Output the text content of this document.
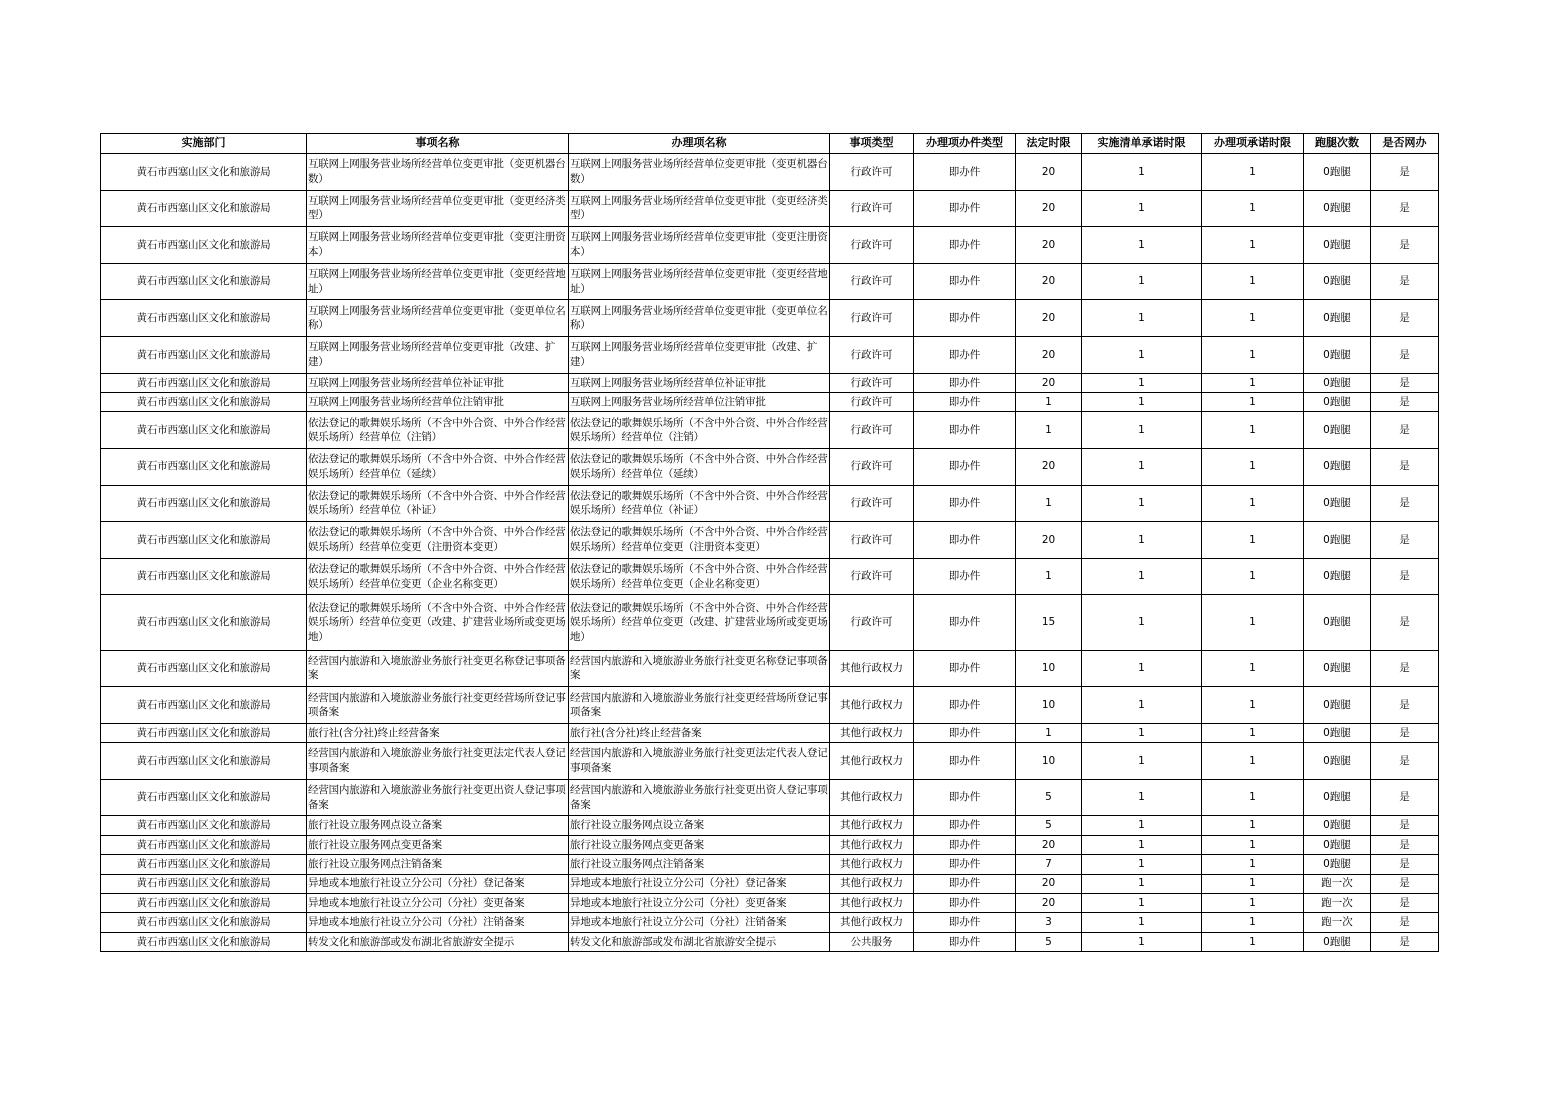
实施部门	事项名称	办理项名称	事项类型	办理项办件类型	法定时限	实施清单承诺时限	办理项承诺时限	跑腿次数	是否网办
黄石市西塞山区文化和旅游局	互联网上网服务营业场所经营单位变更审批（变更机器台数）	互联网上网服务营业场所经营单位变更审批（变更机器台数）	行政许可	即办件	20	1	1	0跑腿	是
黄石市西塞山区文化和旅游局	互联网上网服务营业场所经营单位变更审批（变更经济类型）	互联网上网服务营业场所经营单位变更审批（变更经济类型）	行政许可	即办件	20	1	1	0跑腿	是
黄石市西塞山区文化和旅游局	互联网上网服务营业场所经营单位变更审批（变更注册资本）	互联网上网服务营业场所经营单位变更审批（变更注册资本）	行政许可	即办件	20	1	1	0跑腿	是
黄石市西塞山区文化和旅游局	互联网上网服务营业场所经营单位变更审批（变更经营地址）	互联网上网服务营业场所经营单位变更审批（变更经营地址）	行政许可	即办件	20	1	1	0跑腿	是
黄石市西塞山区文化和旅游局	互联网上网服务营业场所经营单位变更审批（变更单位名称）	互联网上网服务营业场所经营单位变更审批（变更单位名称）	行政许可	即办件	20	1	1	0跑腿	是
黄石市西塞山区文化和旅游局	互联网上网服务营业场所经营单位变更审批（改建、扩建）	互联网上网服务营业场所经营单位变更审批（改建、扩建）	行政许可	即办件	20	1	1	0跑腿	是
黄石市西塞山区文化和旅游局	互联网上网服务营业场所经营单位补证审批	互联网上网服务营业场所经营单位补证审批	行政许可	即办件	20	1	1	0跑腿	是
黄石市西塞山区文化和旅游局	互联网上网服务营业场所经营单位注销审批	互联网上网服务营业场所经营单位注销审批	行政许可	即办件	1	1	1	0跑腿	是
黄石市西塞山区文化和旅游局	依法登记的歌舞娱乐场所（不含中外合资、中外合作经营娱乐场所）经营单位（注销）	依法登记的歌舞娱乐场所（不含中外合资、中外合作经营娱乐场所）经营单位（注销）	行政许可	即办件	1	1	1	0跑腿	是
黄石市西塞山区文化和旅游局	依法登记的歌舞娱乐场所（不含中外合资、中外合作经营娱乐场所）经营单位（延续）	依法登记的歌舞娱乐场所（不含中外合资、中外合作经营娱乐场所）经营单位（延续）	行政许可	即办件	20	1	1	0跑腿	是
黄石市西塞山区文化和旅游局	依法登记的歌舞娱乐场所（不含中外合资、中外合作经营娱乐场所）经营单位（补证）	依法登记的歌舞娱乐场所（不含中外合资、中外合作经营娱乐场所）经营单位（补证）	行政许可	即办件	1	1	1	0跑腿	是
黄石市西塞山区文化和旅游局	依法登记的歌舞娱乐场所（不含中外合资、中外合作经营娱乐场所）经营单位变更（注册资本变更）	依法登记的歌舞娱乐场所（不含中外合资、中外合作经营娱乐场所）经营单位变更（注册资本变更）	行政许可	即办件	20	1	1	0跑腿	是
黄石市西塞山区文化和旅游局	依法登记的歌舞娱乐场所（不含中外合资、中外合作经营娱乐场所）经营单位变更（企业名称变更）	依法登记的歌舞娱乐场所（不含中外合资、中外合作经营娱乐场所）经营单位变更（企业名称变更）	行政许可	即办件	1	1	1	0跑腿	是
黄石市西塞山区文化和旅游局	依法登记的歌舞娱乐场所（不含中外合资、中外合作经营娱乐场所）经营单位变更（改建、扩建营业场所或变更场地）	依法登记的歌舞娱乐场所（不含中外合资、中外合作经营娱乐场所）经营单位变更（改建、扩建营业场所或变更场地）	行政许可	即办件	15	1	1	0跑腿	是
黄石市西塞山区文化和旅游局	经营国内旅游和入境旅游业务旅行社变更名称登记事项备案	经营国内旅游和入境旅游业务旅行社变更名称登记事项备案	其他行政权力	即办件	10	1	1	0跑腿	是
黄石市西塞山区文化和旅游局	经营国内旅游和入境旅游业务旅行社变更经营场所登记事项备案	经营国内旅游和入境旅游业务旅行社变更经营场所登记事项备案	其他行政权力	即办件	10	1	1	0跑腿	是
黄石市西塞山区文化和旅游局	旅行社(含分社)终止经营备案	旅行社(含分社)终止经营备案	其他行政权力	即办件	1	1	1	0跑腿	是
黄石市西塞山区文化和旅游局	经营国内旅游和入境旅游业务旅行社变更法定代表人登记事项备案	经营国内旅游和入境旅游业务旅行社变更法定代表人登记事项备案	其他行政权力	即办件	10	1	1	0跑腿	是
黄石市西塞山区文化和旅游局	经营国内旅游和入境旅游业务旅行社变更出资人登记事项备案	经营国内旅游和入境旅游业务旅行社变更出资人登记事项备案	其他行政权力	即办件	5	1	1	0跑腿	是
黄石市西塞山区文化和旅游局	旅行社设立服务网点设立备案	旅行社设立服务网点设立备案	其他行政权力	即办件	5	1	1	0跑腿	是
黄石市西塞山区文化和旅游局	旅行社设立服务网点变更备案	旅行社设立服务网点变更备案	其他行政权力	即办件	20	1	1	0跑腿	是
黄石市西塞山区文化和旅游局	旅行社设立服务网点注销备案	旅行社设立服务网点注销备案	其他行政权力	即办件	7	1	1	0跑腿	是
黄石市西塞山区文化和旅游局	异地或本地旅行社设立分公司（分社）登记备案	异地或本地旅行社设立分公司（分社）登记备案	其他行政权力	即办件	20	1	1	跑一次	是
黄石市西塞山区文化和旅游局	异地或本地旅行社设立分公司（分社）变更备案	异地或本地旅行社设立分公司（分社）变更备案	其他行政权力	即办件	20	1	1	跑一次	是
黄石市西塞山区文化和旅游局	异地或本地旅行社设立分公司（分社）注销备案	异地或本地旅行社设立分公司（分社）注销备案	其他行政权力	即办件	3	1	1	跑一次	是
黄石市西塞山区文化和旅游局	转发文化和旅游部或发布湖北省旅游安全提示	转发文化和旅游部或发布湖北省旅游安全提示	公共服务	即办件	5	1	1	0跑腿	是
